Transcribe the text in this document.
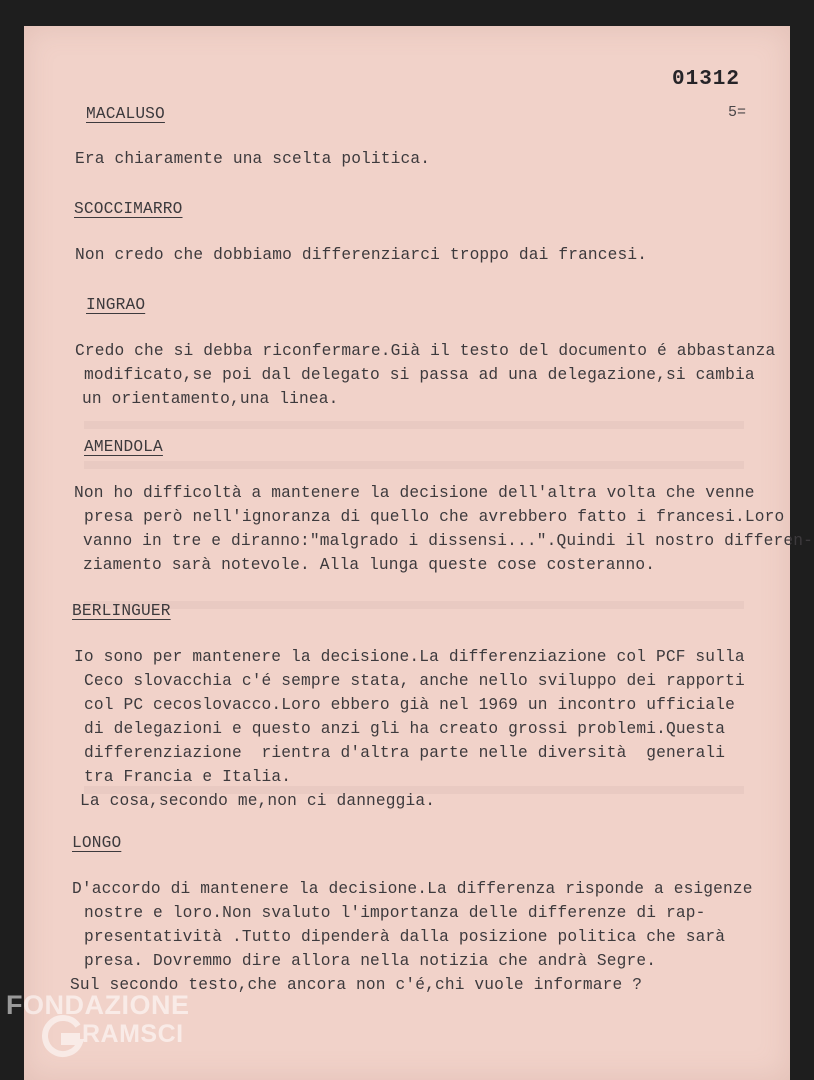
01312
5=
MACALUSO
Era chiaramente una scelta politica.
SCOCCIMARRO
Non credo che dobbiamo differenziarci troppo dai francesi.
INGRAO
Credo che si debba riconfermare.Già il testo del documento é abbastanza
modificato,se poi dal delegato si passa ad una delegazione,si cambia
un orientamento,una linea.
AMENDOLA
Non ho difficoltà a mantenere la decisione dell'altra volta che venne
presa però nell'ignoranza di quello che avrebbero fatto i francesi.Loro
vanno in tre e diranno:"malgrado i dissensi...".Quindi il nostro differen-
ziamento sarà notevole. Alla lunga queste cose costeranno.
BERLINGUER
Io sono per mantenere la decisione.La differenziazione col PCF sulla
Ceco slovacchia c'é sempre stata, anche nello sviluppo dei rapporti
col PC cecoslovacco.Loro ebbero già nel 1969 un incontro ufficiale
di delegazioni e questo anzi gli ha creato grossi problemi.Questa
differenziazione  rientra d'altra parte nelle diversità  generali
tra Francia e Italia.
La cosa,secondo me,non ci danneggia.
LONGO
D'accordo di mantenere la decisione.La differenza risponde a esigenze
nostre e loro.Non svaluto l'importanza delle differenze di rap-
presentatività .Tutto dipenderà dalla posizione politica che sarà
presa. Dovremmo dire allora nella notizia che andrà Segre.
Sul secondo testo,che ancora non c'é,chi vuole informare ?
FONDAZIONE
RAMSCI
